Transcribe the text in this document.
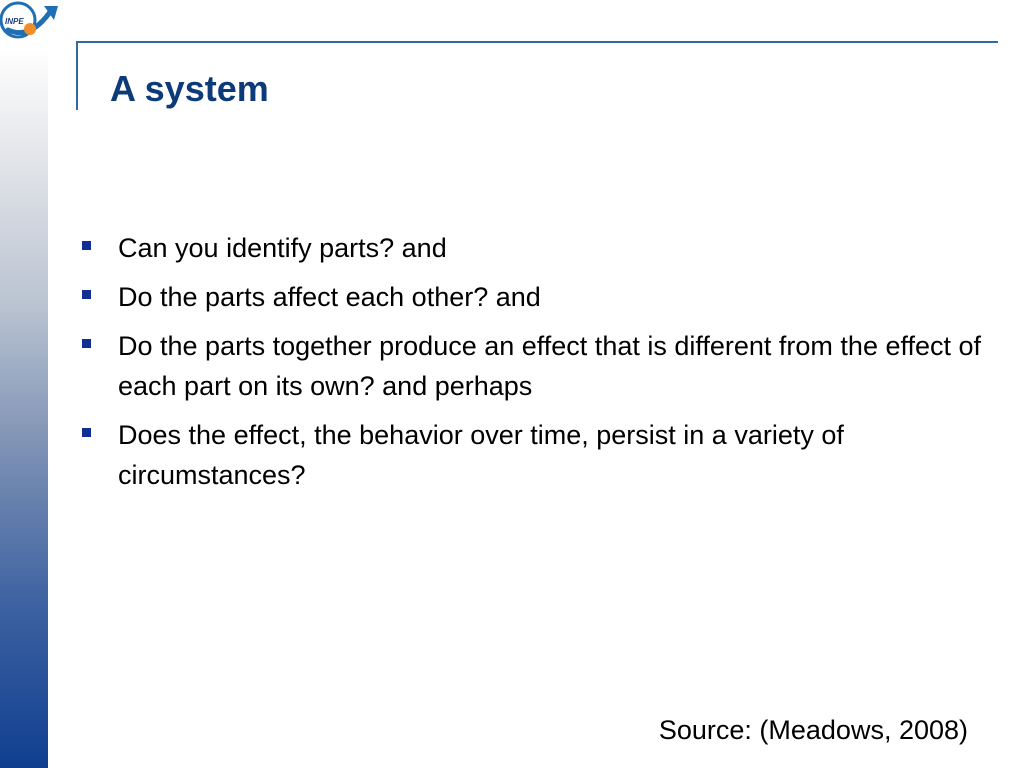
INPE
A system
Can you identify parts? and
Do the parts affect each other? and
Do the parts together produce an effect that is different from the effect of each part on its own? and perhaps
Does the effect, the behavior over time, persist in a variety of circumstances?

Source: (Meadows, 2008)
